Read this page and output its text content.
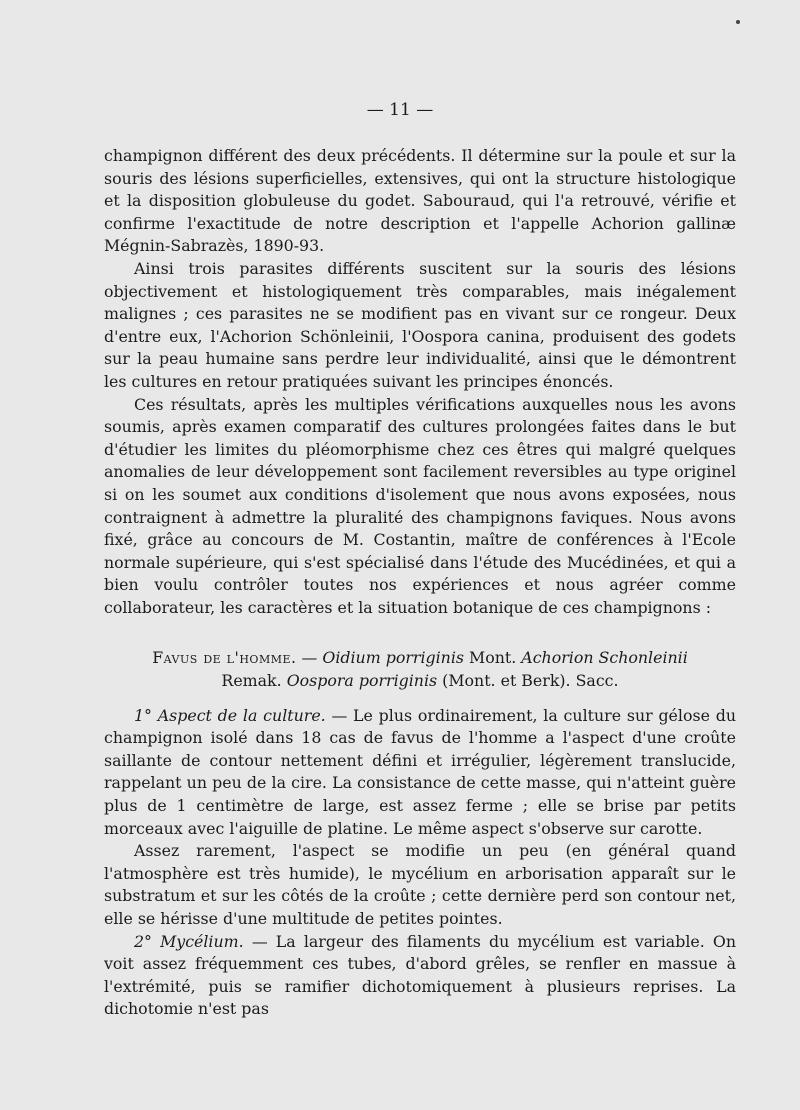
— 11 —

champignon différent des deux précédents. Il détermine sur la poule et sur la souris des lésions superficielles, extensives, qui ont la structure histologique et la disposition globuleuse du godet. Sabouraud, qui l'a retrouvé, vérifie et confirme l'exactitude de notre description et l'appelle Achorion gallinæ Mégnin-Sabrazès, 1890-93.

Ainsi trois parasites différents suscitent sur la souris des lésions objectivement et histologiquement très comparables, mais inégalement malignes ; ces parasites ne se modifient pas en vivant sur ce rongeur. Deux d'entre eux, l'Achorion Schönleinii, l'Oospora canina, produisent des godets sur la peau humaine sans perdre leur individualité, ainsi que le démontrent les cultures en retour pratiquées suivant les principes énoncés.

Ces résultats, après les multiples vérifications auxquelles nous les avons soumis, après examen comparatif des cultures prolongées faites dans le but d'étudier les limites du pléomorphisme chez ces êtres qui malgré quelques anomalies de leur développement sont facilement reversibles au type originel si on les soumet aux conditions d'isolement que nous avons exposées, nous contraignent à admettre la pluralité des champignons faviques. Nous avons fixé, grâce au concours de M. Costantin, maître de conférences à l'Ecole normale supérieure, qui s'est spécialisé dans l'étude des Mucédinées, et qui a bien voulu contrôler toutes nos expériences et nous agréer comme collaborateur, les caractères et la situation botanique de ces champignons :

Favus de l'homme. — Oidium porriginis Mont. Achorion Schonleinii
Remak. Oospora porriginis (Mont. et Berk). Sacc.

1° Aspect de la culture. — Le plus ordinairement, la culture sur gélose du champignon isolé dans 18 cas de favus de l'homme a l'aspect d'une croûte saillante de contour nettement défini et irrégulier, légèrement translucide, rappelant un peu de la cire. La consistance de cette masse, qui n'atteint guère plus de 1 centimètre de large, est assez ferme ; elle se brise par petits morceaux avec l'aiguille de platine. Le même aspect s'observe sur carotte.

Assez rarement, l'aspect se modifie un peu (en général quand l'atmosphère est très humide), le mycélium en arborisation apparaît sur le substratum et sur les côtés de la croûte ; cette dernière perd son contour net, elle se hérisse d'une multitude de petites pointes.

2° Mycélium. — La largeur des filaments du mycélium est variable. On voit assez fréquemment ces tubes, d'abord grêles, se renfler en massue à l'extrémité, puis se ramifier dichotomiquement à plusieurs reprises. La dichotomie n'est pas
